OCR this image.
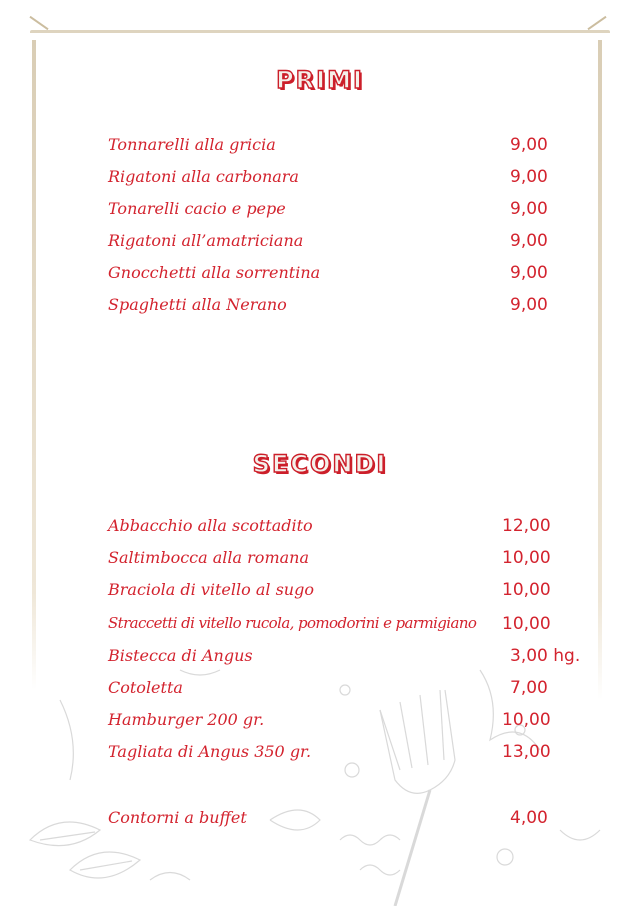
PRIMI
Tonnarelli alla gricia	9,00
Rigatoni alla carbonara	9,00
Tonarelli cacio e pepe	9,00
Rigatoni all’amatriciana	9,00
Gnocchetti alla sorrentina	9,00
Spaghetti alla Nerano	9,00
SECONDI
Abbacchio alla scottadito	12,00
Saltimbocca alla romana	10,00
Braciola di vitello al sugo	10,00
Straccetti di vitello rucola, pomodorini e parmigiano 10,00
Bistecca di Angus	3,00 hg.
Cotoletta	7,00
Hamburger 200 gr.	10,00
Tagliata di Angus 350 gr.	13,00
Contorni a buffet	4,00
